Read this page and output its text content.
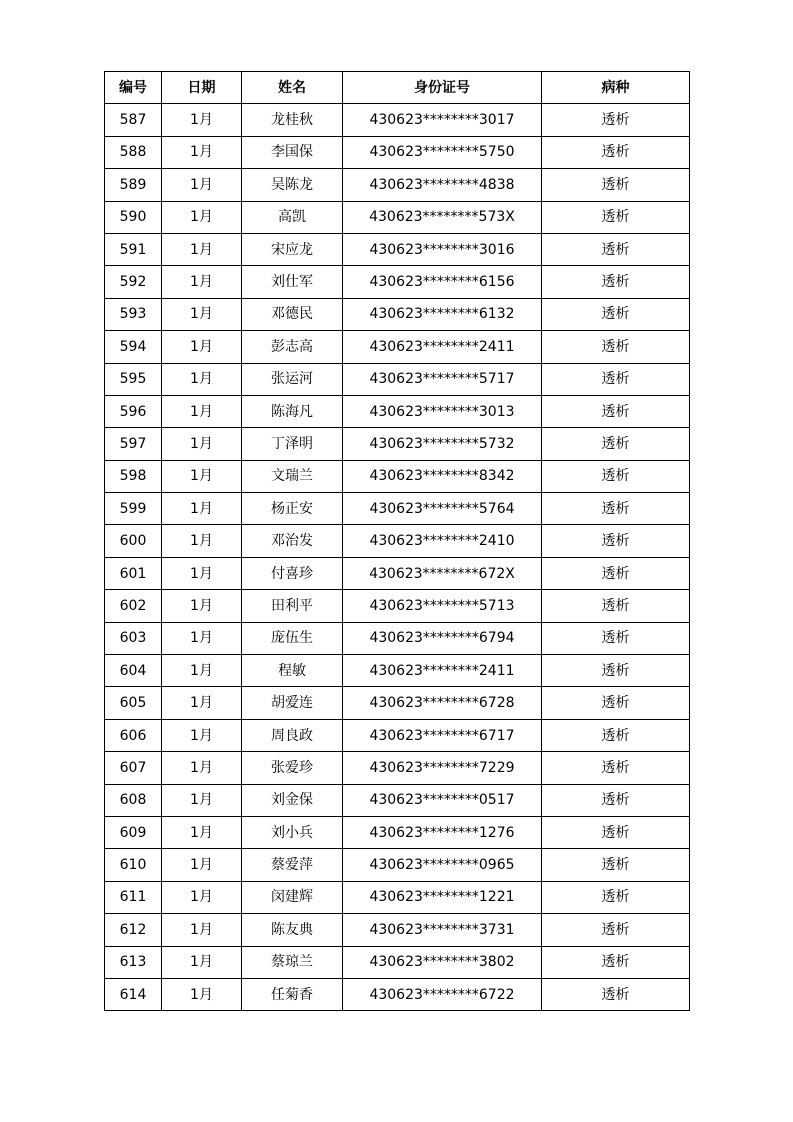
编号	日期	姓名	身份证号	病种
587	1月	龙桂秋	430623********3017	透析
588	1月	李国保	430623********5750	透析
589	1月	吴陈龙	430623********4838	透析
590	1月	高凯	430623********573X	透析
591	1月	宋应龙	430623********3016	透析
592	1月	刘仕军	430623********6156	透析
593	1月	邓德民	430623********6132	透析
594	1月	彭志高	430623********2411	透析
595	1月	张运河	430623********5717	透析
596	1月	陈海凡	430623********3013	透析
597	1月	丁泽明	430623********5732	透析
598	1月	文瑞兰	430623********8342	透析
599	1月	杨正安	430623********5764	透析
600	1月	邓治发	430623********2410	透析
601	1月	付喜珍	430623********672X	透析
602	1月	田利平	430623********5713	透析
603	1月	庞伍生	430623********6794	透析
604	1月	程敏	430623********2411	透析
605	1月	胡爱连	430623********6728	透析
606	1月	周良政	430623********6717	透析
607	1月	张爱珍	430623********7229	透析
608	1月	刘金保	430623********0517	透析
609	1月	刘小兵	430623********1276	透析
610	1月	蔡爱萍	430623********0965	透析
611	1月	闵建辉	430623********1221	透析
612	1月	陈友典	430623********3731	透析
613	1月	蔡琼兰	430623********3802	透析
614	1月	任菊香	430623********6722	透析
